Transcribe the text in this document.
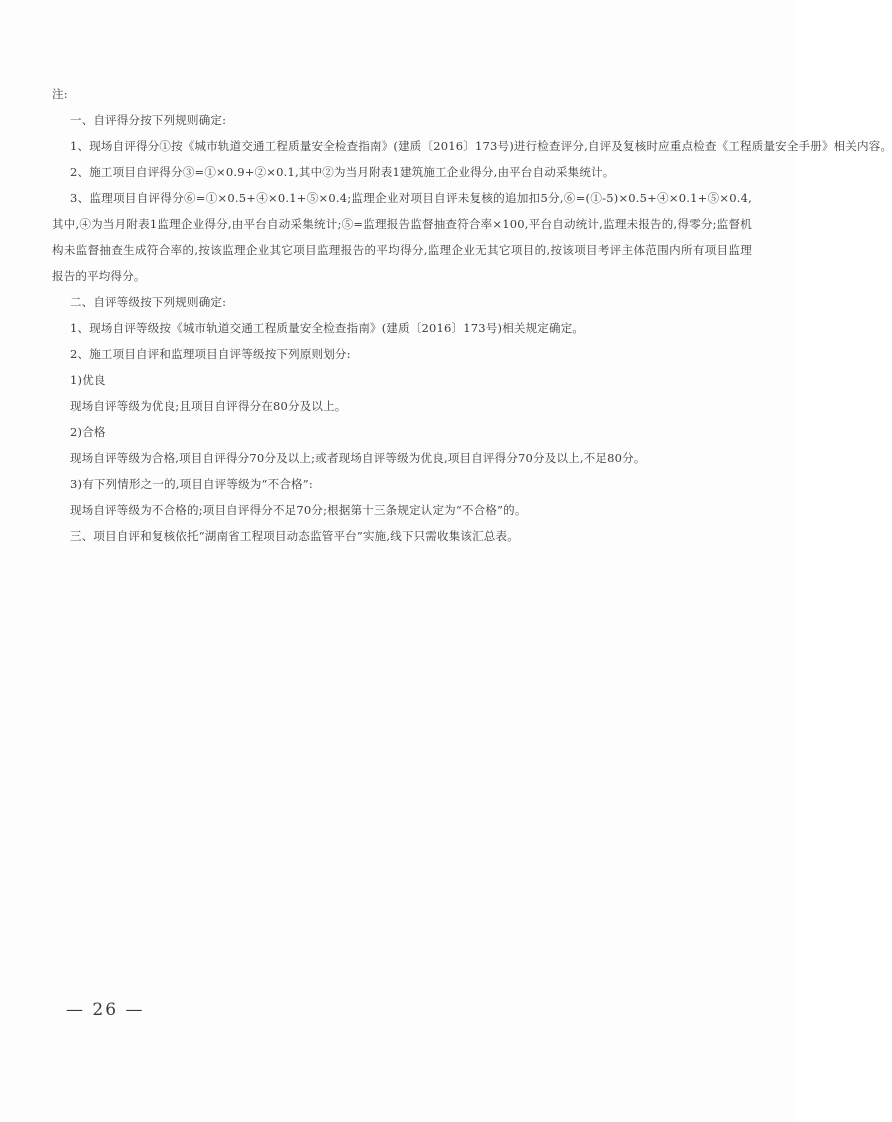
注:
一、自评得分按下列规则确定:
1、现场自评得分①按《城市轨道交通工程质量安全检查指南》(建质〔2016〕173号)进行检查评分,自评及复核时应重点检查《工程质量安全手册》相关内容。
2、施工项目自评得分③=①×0.9+②×0.1,其中②为当月附表1建筑施工企业得分,由平台自动采集统计。
3、监理项目自评得分⑥=①×0.5+④×0.1+⑤×0.4;监理企业对项目自评未复核的追加扣5分,⑥=(①-5)×0.5+④×0.1+⑤×0.4,其中,④为当月附表1监理企业得分,由平台自动采集统计;⑤=监理报告监督抽查符合率×100,平台自动统计,监理未报告的,得零分;监督机构未监督抽查生成符合率的,按该监理企业其它项目监理报告的平均得分,监理企业无其它项目的,按该项目考评主体范围内所有项目监理报告的平均得分。
二、自评等级按下列规则确定:
1、现场自评等级按《城市轨道交通工程质量安全检查指南》(建质〔2016〕173号)相关规定确定。
2、施工项目自评和监理项目自评等级按下列原则划分:
1)优良
现场自评等级为优良;且项目自评得分在80分及以上。
2)合格
现场自评等级为合格,项目自评得分70分及以上;或者现场自评等级为优良,项目自评得分70分及以上,不足80分。
3)有下列情形之一的,项目自评等级为“不合格”:
现场自评等级为不合格的;项目自评得分不足70分;根据第十三条规定认定为“不合格”的。
三、项目自评和复核依托“湖南省工程项目动态监管平台”实施,线下只需收集该汇总表。
— 26 —
